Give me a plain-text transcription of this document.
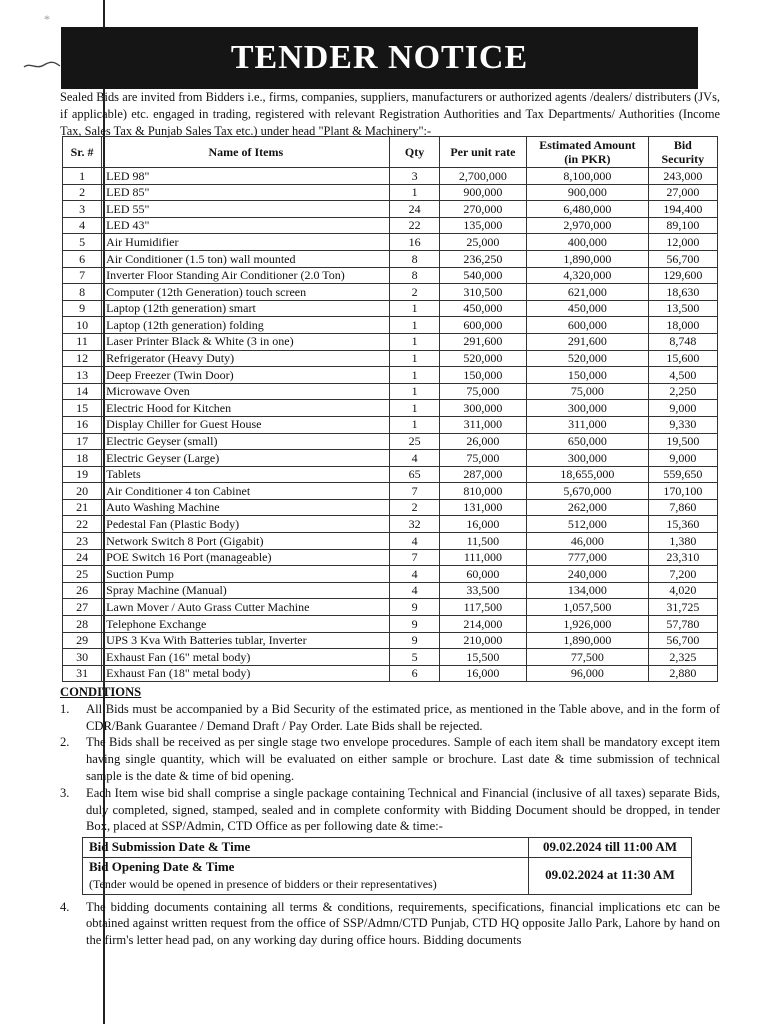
*
TENDER NOTICE
Sealed Bids are invited from Bidders i.e., firms, companies, suppliers, manufacturers or authorized agents /dealers/ distributers (JVs, if applicable) etc. engaged in trading, registered with relevant Registration Authorities and Tax Departments/ Authorities (Income Tax, Sales Tax & Punjab Sales Tax etc.) under head "Plant & Machinery":-
Sr. #	Name of Items	Qty	Per unit rate	Estimated Amount (in PKR)	Bid Security
1	LED 98"	3	2,700,000	8,100,000	243,000
2	LED 85"	1	900,000	900,000	27,000
3	LED 55"	24	270,000	6,480,000	194,400
4	LED 43"	22	135,000	2,970,000	89,100
5	Air Humidifier	16	25,000	400,000	12,000
6	Air Conditioner (1.5 ton) wall mounted	8	236,250	1,890,000	56,700
7	Inverter Floor Standing Air Conditioner (2.0 Ton)	8	540,000	4,320,000	129,600
8	Computer (12th Generation) touch screen	2	310,500	621,000	18,630
9	Laptop (12th generation) smart	1	450,000	450,000	13,500
10	Laptop (12th generation) folding	1	600,000	600,000	18,000
11	Laser Printer Black & White (3 in one)	1	291,600	291,600	8,748
12	Refrigerator (Heavy Duty)	1	520,000	520,000	15,600
13	Deep Freezer (Twin Door)	1	150,000	150,000	4,500
14	Microwave Oven	1	75,000	75,000	2,250
15	Electric Hood for Kitchen	1	300,000	300,000	9,000
16	Display Chiller for Guest House	1	311,000	311,000	9,330
17	Electric Geyser (small)	25	26,000	650,000	19,500
18	Electric Geyser (Large)	4	75,000	300,000	9,000
19	Tablets	65	287,000	18,655,000	559,650
20	Air Conditioner 4 ton Cabinet	7	810,000	5,670,000	170,100
21	Auto Washing Machine	2	131,000	262,000	7,860
22	Pedestal Fan (Plastic Body)	32	16,000	512,000	15,360
23	Network Switch 8 Port (Gigabit)	4	11,500	46,000	1,380
24	POE Switch 16 Port (manageable)	7	111,000	777,000	23,310
25	Suction Pump	4	60,000	240,000	7,200
26	Spray Machine (Manual)	4	33,500	134,000	4,020
27	Lawn Mover / Auto Grass Cutter Machine	9	117,500	1,057,500	31,725
28	Telephone Exchange	9	214,000	1,926,000	57,780
29	UPS 3 Kva With Batteries tublar, Inverter	9	210,000	1,890,000	56,700
30	Exhaust Fan (16" metal body)	5	15,500	77,500	2,325
31	Exhaust Fan (18" metal body)	6	16,000	96,000	2,880
CONDITIONS
1.	All Bids must be accompanied by a Bid Security of the estimated price, as mentioned in the Table above, and in the form of CDR/Bank Guarantee / Demand Draft / Pay Order. Late Bids shall be rejected.
2.	The Bids shall be received as per single stage two envelope procedures. Sample of each item shall be mandatory except item having single quantity, which will be evaluated on either sample or brochure. Last date & time submission of technical sample is the date & time of bid opening.
3.	Each Item wise bid shall comprise a single package containing Technical and Financial (inclusive of all taxes) separate Bids, duly completed, signed, stamped, sealed and in complete conformity with Bidding Document should be dropped, in tender Box, placed at SSP/Admin, CTD Office as per following date & time:-
Bid Submission Date & Time	09.02.2024 till 11:00 AM

Bid Opening Date & Time
(Tender would be opened in presence of bidders or their representatives)	09.02.2024 at 11:30 AM
4.	The bidding documents containing all terms & conditions, requirements, specifications, financial implications etc can be obtained against written request from the office of SSP/Admn/CTD Punjab, CTD HQ opposite Jallo Park, Lahore by hand on the firm's letter head pad, on any working day during office hours. Bidding documents
